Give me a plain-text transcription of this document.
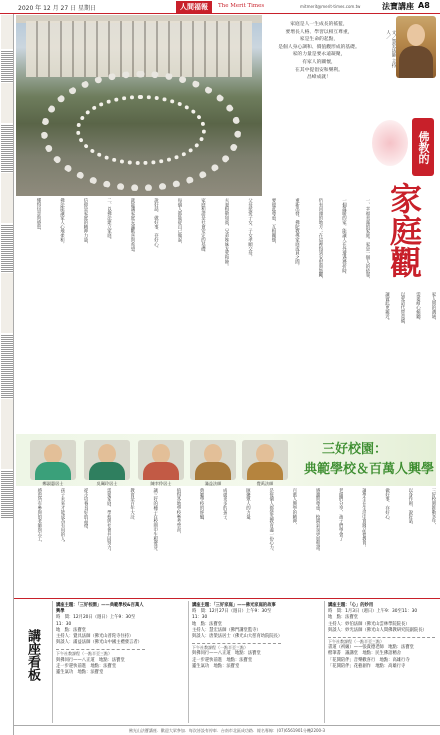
2020 年 12 月 27 日 星期日	人間福報	The Merit Times	mitmerit@merit-times.com.tw	法寶講座 A8

家庭是人一生成長的搖籃，

要增長人格、學習以相互尊重，

家是生命的起點，

是個人身心調和、價值觀形成的基礎。

家的力量是要永遠凝聚，

有家人的關懷，

在其中提倡安和樂利。

昌峰成就！

文／慧宏法師 主持人／
佛教的
家庭觀
一、幸福美滿的家庭。家是一個人的依靠，
一個溫暖的家，能讓人在外遭遇挫折時，
仍有回頭的地方；在這裡得到安慰與鼓勵，
重新出發。佛陀教導家庭成員之間，
要彼此尊重、互相關懷，
父母慈愛子女，子女孝順父母，
夫妻相敬如賓，兄弟姊妹友愛和睦。
家庭和諧是社會安定的基礎，
每個人都能從自己做起，
說好話、做好事、存好心，
就能讓家庭充滿歡喜與希望。
二、以佛法建立家庭。
信仰是家庭的精神力量，
佛法能讓家人心地柔和，
懂得包容與感恩，
家人間的溝通，
需要耐心傾聽，
以愛語代替責備，
讓彼此更親近。
三好校園：
典範學校＆百萬人興學
鄭淑惠居士	吳珮玲居士	陳幸伶居士	滿益法師	覺禹法師
三好校園推動多年，
以身作則、說好話、
做好事、存好心，
讓學生在生活中實踐品德教育。
老師們分享，孩子們學會了
感謝與尊重，校園氣氛更加和諧。
百萬人興學的精神，
是每個人都能為教育盡一份心力，
匯聚眾人的力量，
成就更多的孩子。
典範學校的經驗，
值得各地學校參考學習，
讓三好的種子在校園中生根發芽。
教育是百年大計，
需要家庭、學校與社會共同努力。
從小培養良好的品德，
孩子未來才能成為有用的人。
感恩所有參與的老師與志工，
講座看板
講座主題：「三好校園」——典範學校&百萬人興學
時　間：12月20日（週日）上午9：30至11：30
地　點：法寶堂
主持人：覺具法師（佛光山普陀寺住持）
與談人：滿益法師（佛光山中國主禮發言者）
下午社教課程（一點半至三點）
與佛同行——八正道　地點：法寶堂
走一步趕快前進　地點：法寶堂
靈生氣功　地點：法寶堂
講座主題：「三好家庭」——佛光家庭的故事
時　間：12月27日（週日）上午9：30至11：30
地　點：法寶堂
主持人：慧宏法師（佛門講堂監寺）
與談人：唐榮法居士（佛光山大慈育幼院院長）
下午社教課程（一點半至三點）
與佛同行——八正道　地點：法寶堂
走一步趕快前進　地點：法寶堂
靈生氣功　地點：法寶堂
講座主題：「心」的妙用
時　間：1月3日（週日）上午9：30至11：30
地　點：法寶堂
主持人：妙伯法師（佛光山雲林學院院長）
與談人：妙光法師（佛光山人間佛教研究院副院長）
下午社教課程（一點半至三點）
書道（初級）——張貴德老師　地點：法寶堂
楷筆書　議講堂　地點：民生佛語精舍
「花開陪伴」音樂歡喜行　地點：高雄行寺
「花開陪伴」花藝創作　地點：高雄行寺
佛光山法寶講座．歡迎大眾參加．每次皆設有停車．台南市北區成功路．報名專線：(07)6561901分機2200-3
